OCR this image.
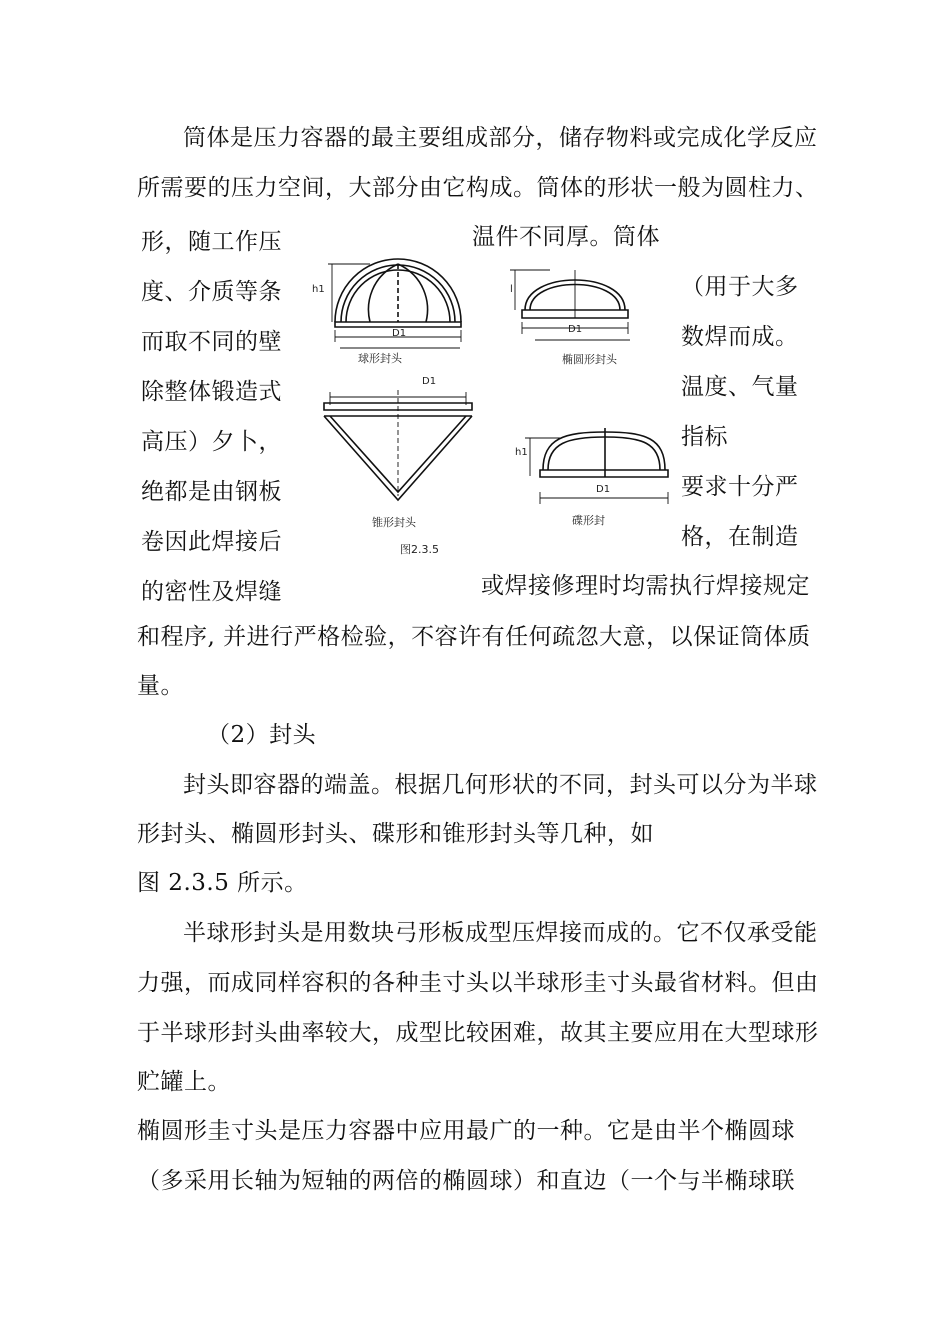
筒体是压力容器的最主要组成部分，储存物料或完成化学反应
所需要的压力空间，大部分由它构成。筒体的形状一般为圆柱力、
温件不同厚。筒体
形，随工作压
度、介质等条
而取不同的壁
除整体锻造式
高压）夕卜，
绝都是由钢板
卷因此焊接后
的密性及焊缝
（用于大多
数焊而成。
温度、气量
指标
要求十分严
格，在制造
或焊接修理时均需执行焊接规定
和程序, 并进行严格检验，不容许有任何疏忽大意，以保证筒体质
量。
h1
D1
球形封头
l
D1
椭圆形封头
D1
锥形封头
h1
D1
碟形封
图2.3.5
（2）封头
封头即容器的端盖。根据几何形状的不同，封头可以分为半球
形封头、椭圆形封头、碟形和锥形封头等几种，如
图 2.3.5 所示。
半球形封头是用数块弓形板成型压焊接而成的。它不仅承受能
力强，而成同样容积的各种圭寸头以半球形圭寸头最省材料。但由
于半球形封头曲率较大，成型比较困难，故其主要应用在大型球形
贮罐上。
椭圆形圭寸头是压力容器中应用最广的一种。它是由半个椭圆球
（多采用长轴为短轴的两倍的椭圆球）和直边（一个与半椭球联
